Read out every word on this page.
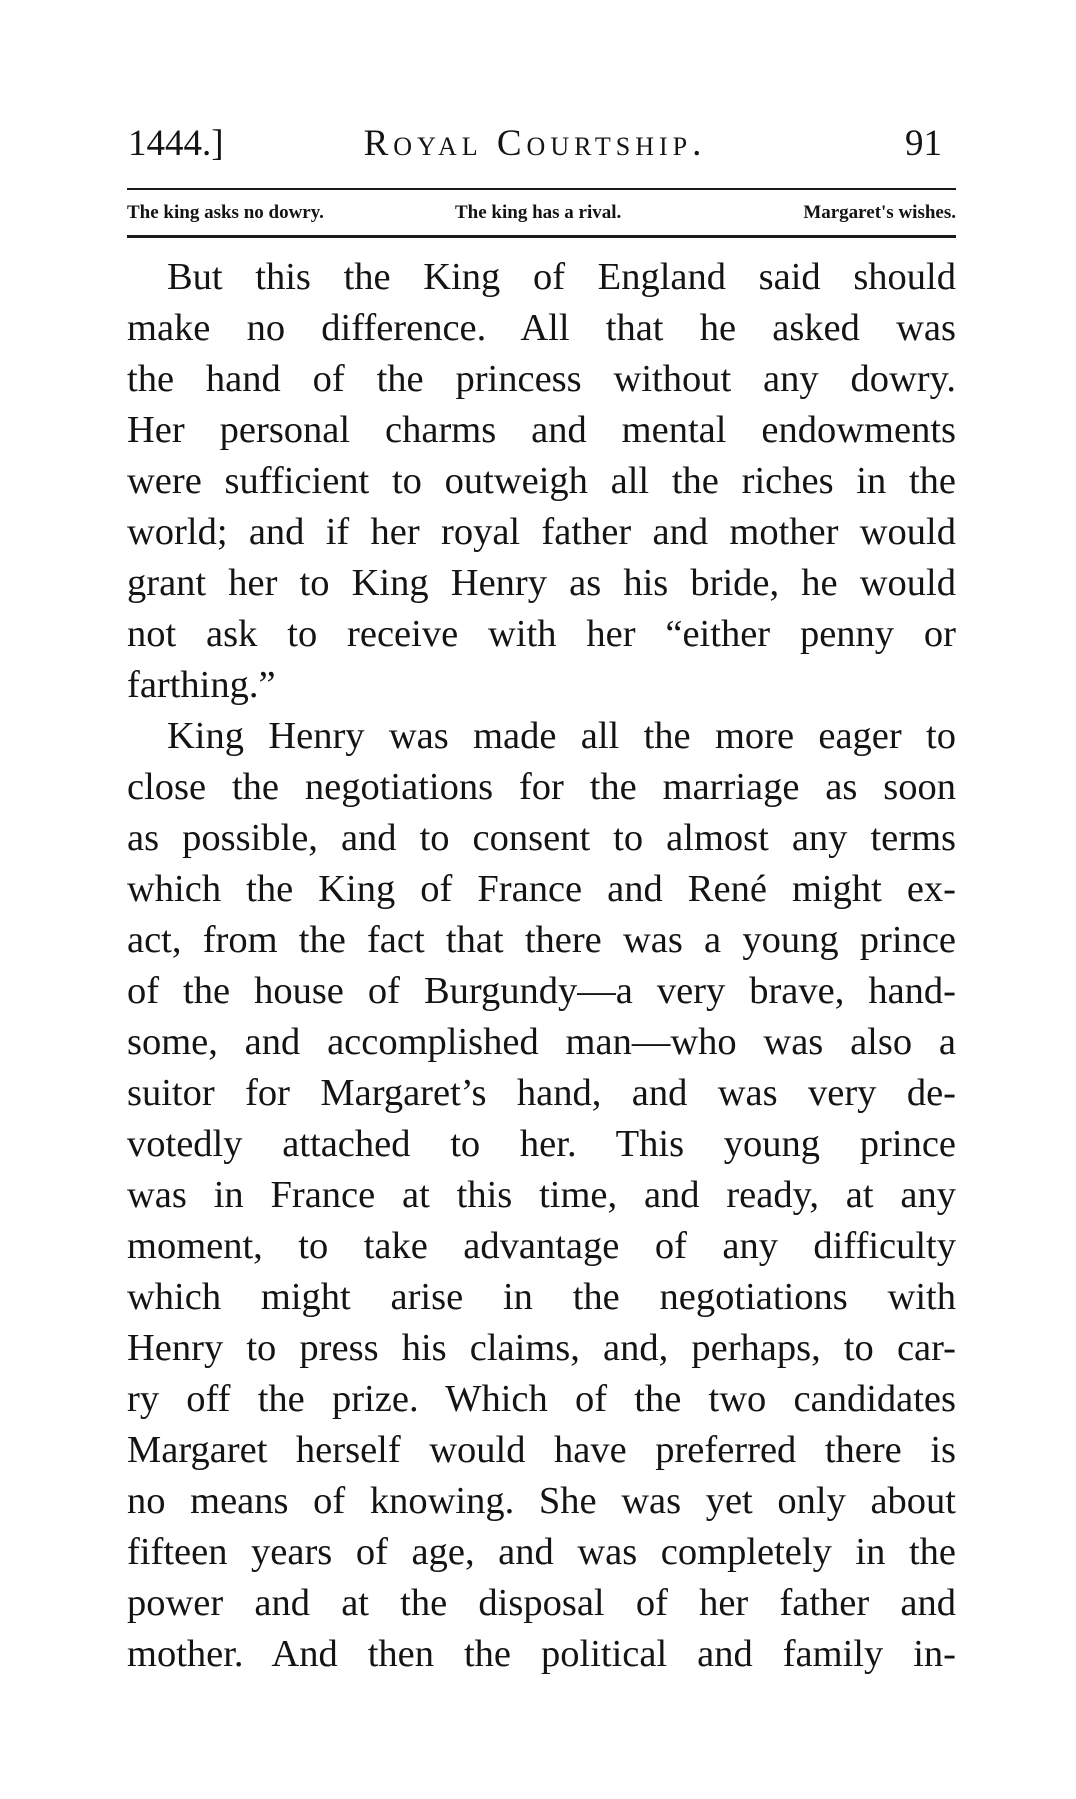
1444.]	Royal Courtship.	91
The king asks no dowry.	The king has a rival.	Margaret's wishes.
But this the King of England said should
make no difference. All that he asked was
the hand of the princess without any dowry.
Her personal charms and mental endowments
were sufficient to outweigh all the riches in the
world; and if her royal father and mother would
grant her to King Henry as his bride, he would
not ask to receive with her “either penny or
farthing.”
King Henry was made all the more eager to
close the negotiations for the marriage as soon
as possible, and to consent to almost any terms
which the King of France and René might ex-
act, from the fact that there was a young prince
of the house of Burgundy—a very brave, hand-
some, and accomplished man—who was also a
suitor for Margaret’s hand, and was very de-
votedly attached to her. This young prince
was in France at this time, and ready, at any
moment, to take advantage of any difficulty
which might arise in the negotiations with
Henry to press his claims, and, perhaps, to car-
ry off the prize. Which of the two candidates
Margaret herself would have preferred there is
no means of knowing. She was yet only about
fifteen years of age, and was completely in the
power and at the disposal of her father and
mother. And then the political and family in-
